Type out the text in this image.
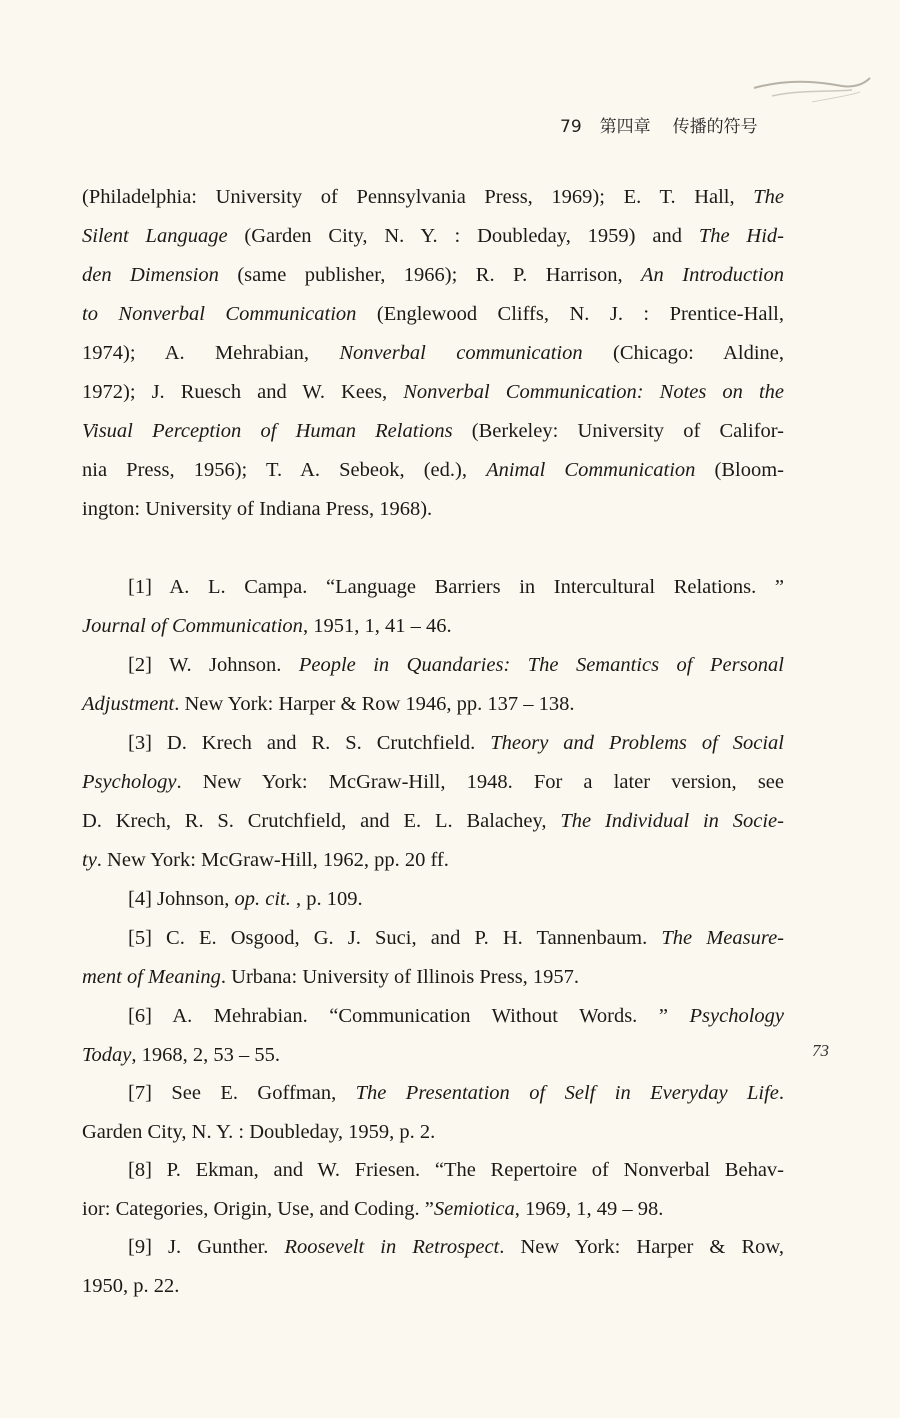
79 第四章 传播的符号
73
(Philadelphia: University of Pennsylvania Press, 1969); E. T. Hall, The
Silent Language (Garden City, N. Y. : Doubleday, 1959) and The Hid-
den Dimension (same publisher, 1966); R. P. Harrison, An Introduction
to Nonverbal Communication (Englewood Cliffs, N. J. : Prentice-Hall,
1974); A. Mehrabian, Nonverbal communication (Chicago: Aldine,
1972); J. Ruesch and W. Kees, Nonverbal Communication: Notes on the
Visual Perception of Human Relations (Berkeley: University of Califor-
nia Press, 1956); T. A. Sebeok, (ed.), Animal Communication (Bloom-
ington: University of Indiana Press, 1968).
[1] A. L. Campa. “Language Barriers in Intercultural Relations. ”
Journal of Communication, 1951, 1, 41 – 46.
[2] W. Johnson. People in Quandaries: The Semantics of Personal
Adjustment. New York: Harper & Row 1946, pp. 137 – 138.
[3] D. Krech and R. S. Crutchfield. Theory and Problems of Social
Psychology. New York: McGraw-Hill, 1948. For a later version, see
D. Krech, R. S. Crutchfield, and E. L. Balachey, The Individual in Socie-
ty. New York: McGraw-Hill, 1962, pp. 20 ff.
[4] Johnson, op. cit. , p. 109.
[5] C. E. Osgood, G. J. Suci, and P. H. Tannenbaum. The Measure-
ment of Meaning. Urbana: University of Illinois Press, 1957.
[6] A. Mehrabian. “Communication Without Words. ” Psychology
Today, 1968, 2, 53 – 55.
[7] See E. Goffman, The Presentation of Self in Everyday Life.
Garden City, N. Y. : Doubleday, 1959, p. 2.
[8] P. Ekman, and W. Friesen. “The Repertoire of Nonverbal Behav-
ior: Categories, Origin, Use, and Coding. ”Semiotica, 1969, 1, 49 – 98.
[9] J. Gunther. Roosevelt in Retrospect. New York: Harper & Row,
1950, p. 22.
